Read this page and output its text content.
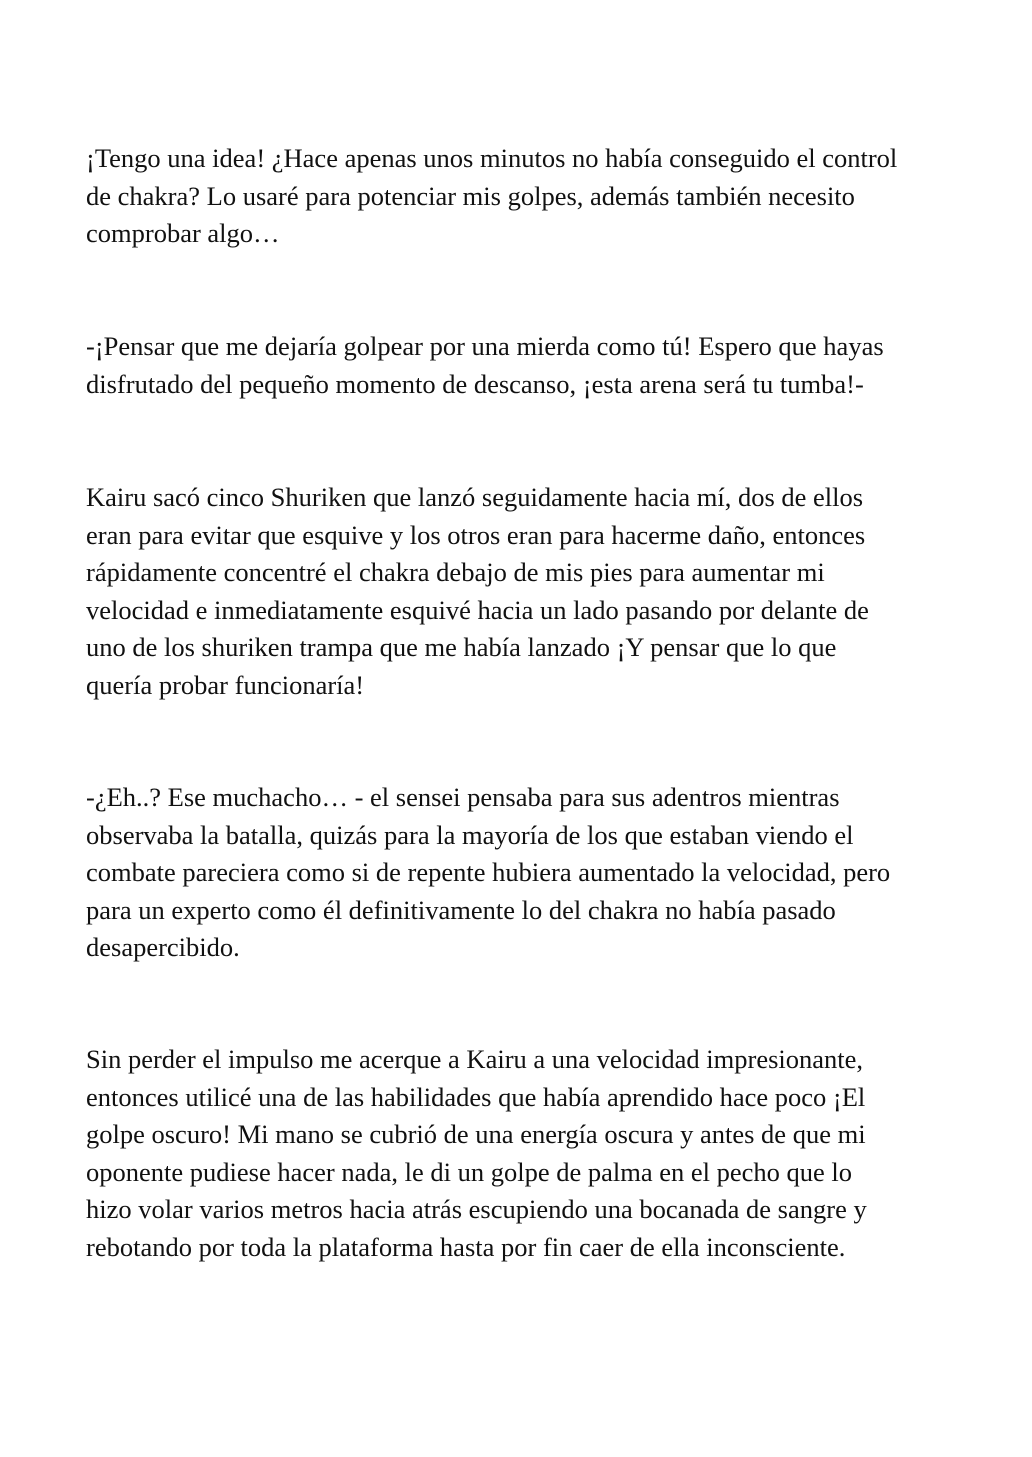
¡Tengo una idea! ¿Hace apenas unos minutos no había conseguido el control
de chakra? Lo usaré para potenciar mis golpes, además también necesito
comprobar algo…

-¡Pensar que me dejaría golpear por una mierda como tú! Espero que hayas
disfrutado del pequeño momento de descanso, ¡esta arena será tu tumba!-

Kairu sacó cinco Shuriken que lanzó seguidamente hacia mí, dos de ellos
eran para evitar que esquive y los otros eran para hacerme daño, entonces
rápidamente concentré el chakra debajo de mis pies para aumentar mi
velocidad e inmediatamente esquivé hacia un lado pasando por delante de
uno de los shuriken trampa que me había lanzado ¡Y pensar que lo que
quería probar funcionaría!

-¿Eh..? Ese muchacho… - el sensei pensaba para sus adentros mientras
observaba la batalla, quizás para la mayoría de los que estaban viendo el
combate pareciera como si de repente hubiera aumentado la velocidad, pero
para un experto como él definitivamente lo del chakra no había pasado
desapercibido.

Sin perder el impulso me acerque a Kairu a una velocidad impresionante,
entonces utilicé una de las habilidades que había aprendido hace poco ¡El
golpe oscuro! Mi mano se cubrió de una energía oscura y antes de que mi
oponente pudiese hacer nada, le di un golpe de palma en el pecho que lo
hizo volar varios metros hacia atrás escupiendo una bocanada de sangre y
rebotando por toda la plataforma hasta por fin caer de ella inconsciente.
